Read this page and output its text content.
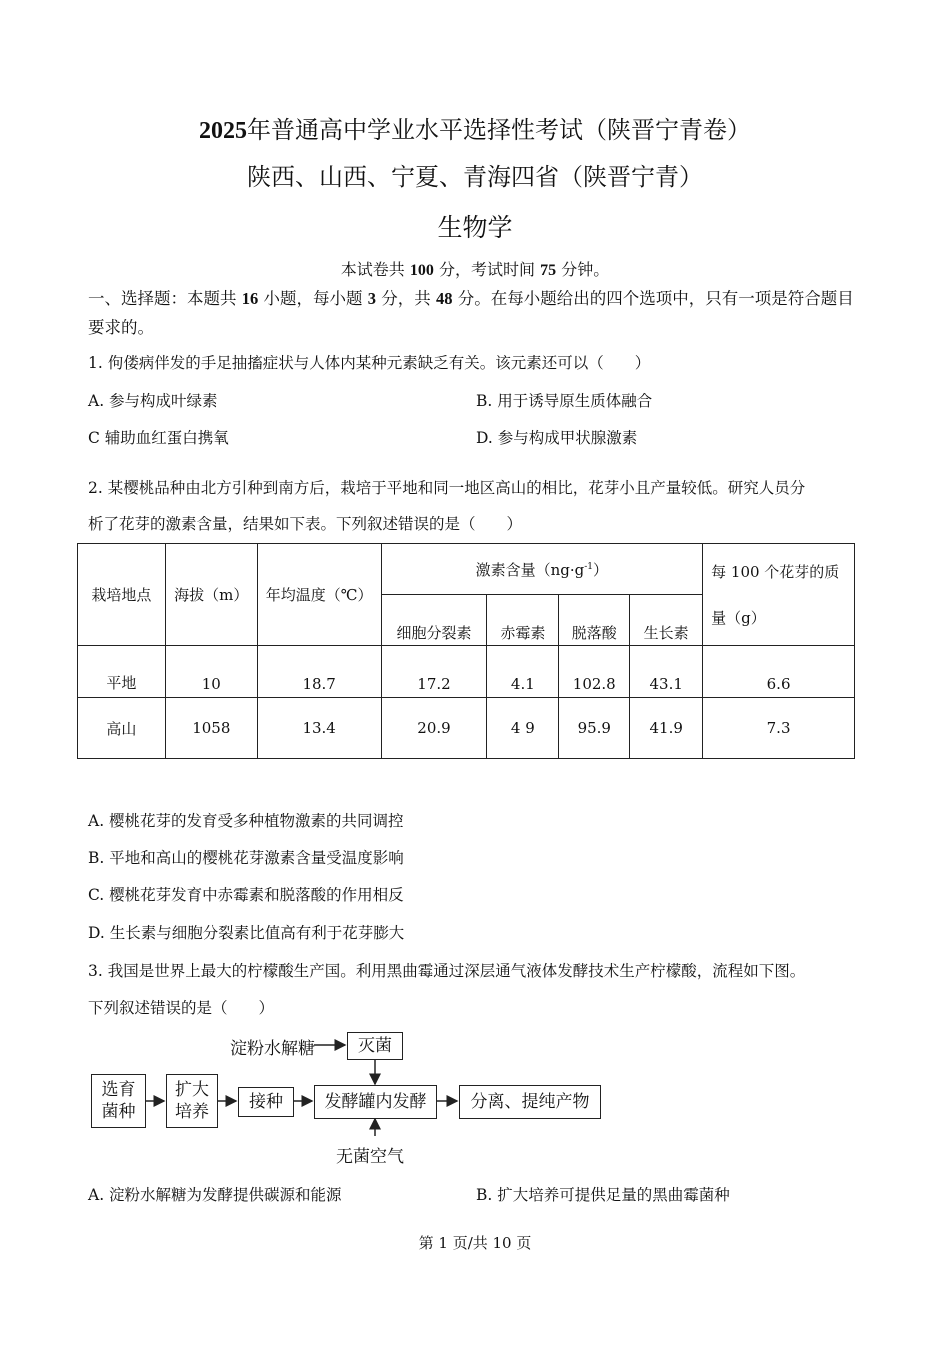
2025年普通高中学业水平选择性考试（陕晋宁青卷）
陕西、山西、宁夏、青海四省（陕晋宁青）
生物学
本试卷共 100 分，考试时间 75 分钟。
一、选择题：本题共 16 小题，每小题 3 分，共 48 分。在每小题给出的四个选项中，只有一项是符合题目要求的。
1. 佝偻病伴发的手足抽搐症状与人体内某种元素缺乏有关。该元素还可以（　　）
A. 参与构成叶绿素	B. 用于诱导原生质体融合
C 辅助血红蛋白携氧	D. 参与构成甲状腺激素
2. 某樱桃品种由北方引种到南方后，栽培于平地和同一地区高山的相比，花芽小且产量较低。研究人员分
析了花芽的激素含量，结果如下表。下列叙述错误的是（　　）
栽培地点	海拔（m）	年均温度（℃）	激素含量$(ng\cdot g^{-1})$				每 100 个花芽的质
量（g）
			细胞分裂素	赤霉素	脱落酸	生长素	
平地	10	18.7	17.2	4.1	102.8	43.1	6.6
高山	1058	13.4	20.9	4 9	95.9	41.9	7.3
A. 樱桃花芽的发育受多种植物激素的共同调控
B. 平地和高山的樱桃花芽激素含量受温度影响
C. 樱桃花芽发育中赤霉素和脱落酸的作用相反
D. 生长素与细胞分裂素比值高有利于花芽膨大
3. 我国是世界上最大的柠檬酸生产国。利用黑曲霉通过深层通气液体发酵技术生产柠檬酸，流程如下图。
下列叙述错误的是（　　）
淀粉水解糖	灭菌
选育
菌种
扩大
培养	接种	发酵罐内发酵	分离、提纯产物
无菌空气
A. 淀粉水解糖为发酵提供碳源和能源	B. 扩大培养可提供足量的黑曲霉菌种
第 1 页/共 10 页
